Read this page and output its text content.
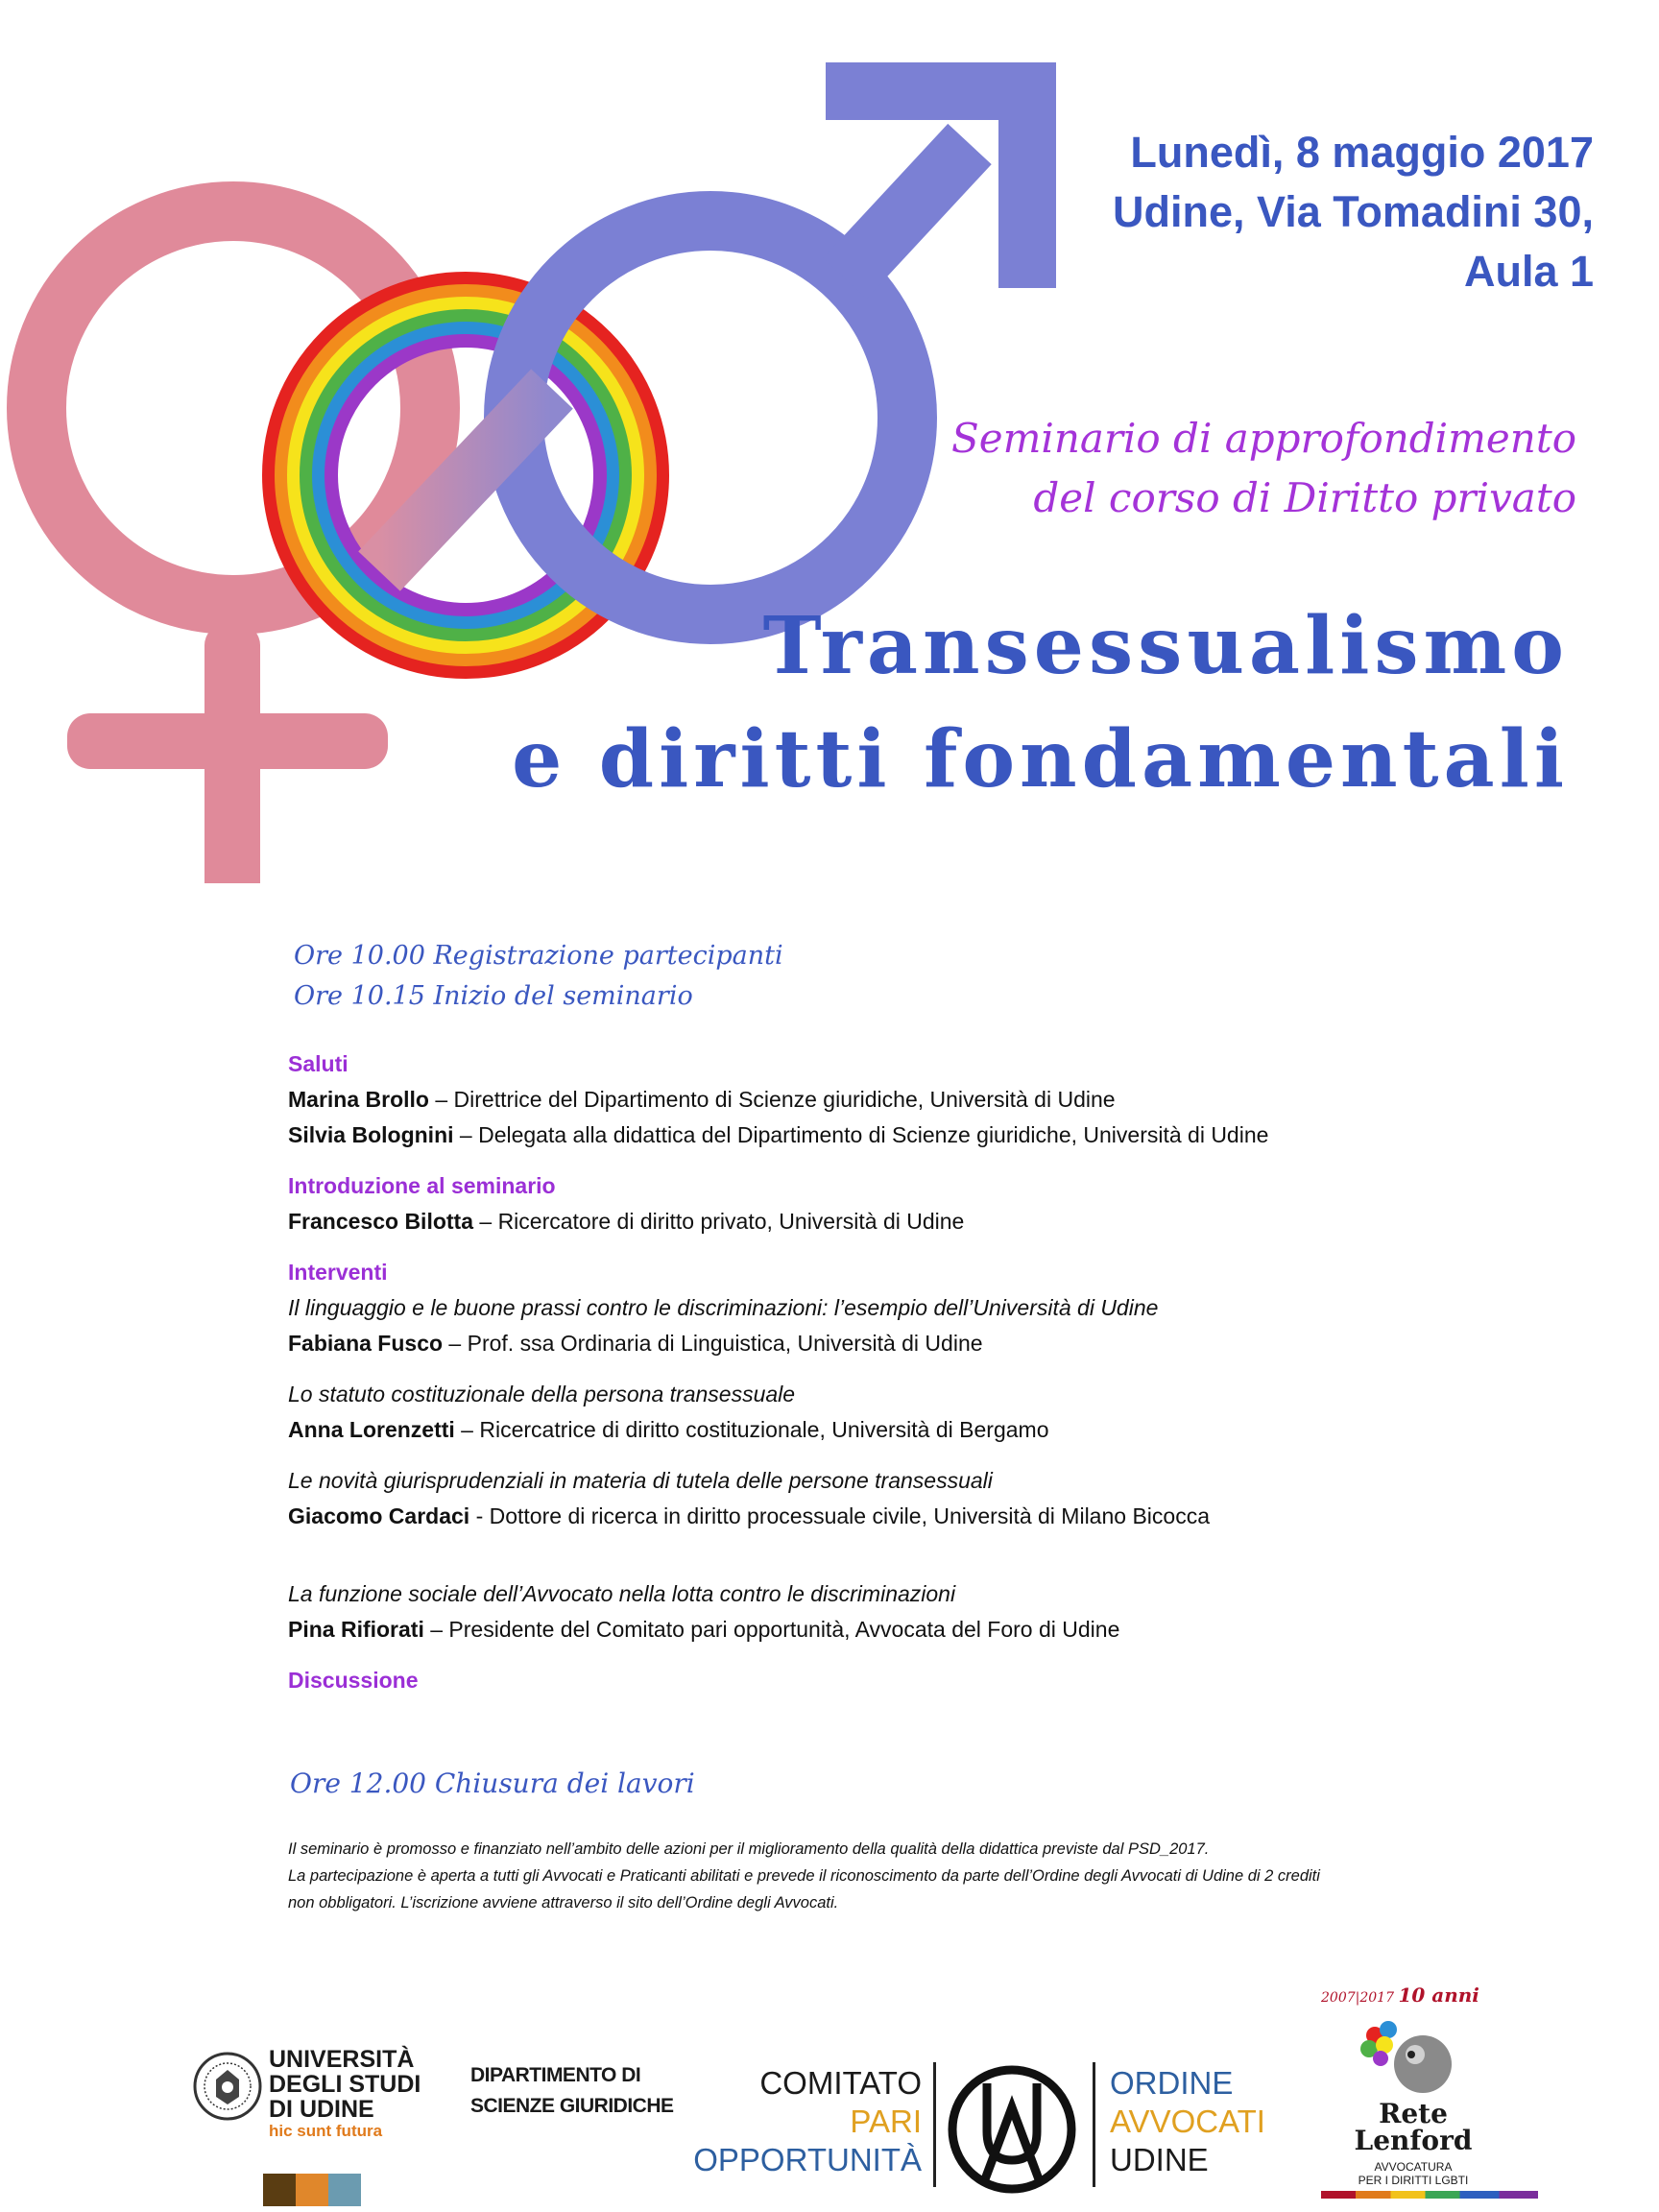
Lunedì, 8 maggio 2017
Udine, Via Tomadini 30,
Aula 1
Seminario di approfondimento
del corso di Diritto privato
Transessualismo
e diritti fondamentali
Ore 10.00 Registrazione partecipanti
Ore 10.15 Inizio del seminario
Saluti
Marina Brollo – Direttrice del Dipartimento di Scienze giuridiche, Università di Udine
Silvia Bolognini – Delegata alla didattica del Dipartimento di Scienze giuridiche, Università di Udine
Introduzione al seminario
Francesco Bilotta – Ricercatore di diritto privato, Università di Udine
Interventi
Il linguaggio e le buone prassi contro le discriminazioni: l’esempio dell’Università di Udine
Fabiana Fusco – Prof. ssa Ordinaria di Linguistica, Università di Udine
Lo statuto costituzionale della persona transessuale
Anna Lorenzetti – Ricercatrice di diritto costituzionale, Università di Bergamo
Le novità giurisprudenziali in materia di tutela delle persone transessuali
Giacomo Cardaci - Dottore di ricerca in diritto processuale civile, Università di Milano Bicocca
La funzione sociale dell’Avvocato nella lotta contro le discriminazioni
Pina Rifiorati – Presidente del Comitato pari opportunità, Avvocata del Foro di Udine
Discussione
Ore 12.00 Chiusura dei lavori
Il seminario è promosso e finanziato nell’ambito delle azioni per il miglioramento della qualità della didattica previste dal PSD_2017.
La partecipazione è aperta a tutti gli Avvocati e Praticanti abilitati e prevede il riconoscimento da parte dell’Ordine degli Avvocati di Udine di 2 crediti
non obbligatori. L’iscrizione avviene attraverso il sito dell’Ordine degli Avvocati.
UNIVERSITÀ
DEGLI STUDI
DI UDINE
hic sunt futura
DIPARTIMENTO DI
SCIENZE GIURIDICHE
COMITATO
PARI
OPPORTUNITÀ
ORDINE
AVVOCATI
UDINE
2007|2017 10 anni
Rete
Lenford
AVVOCATURA
PER I DIRITTI LGBTI
